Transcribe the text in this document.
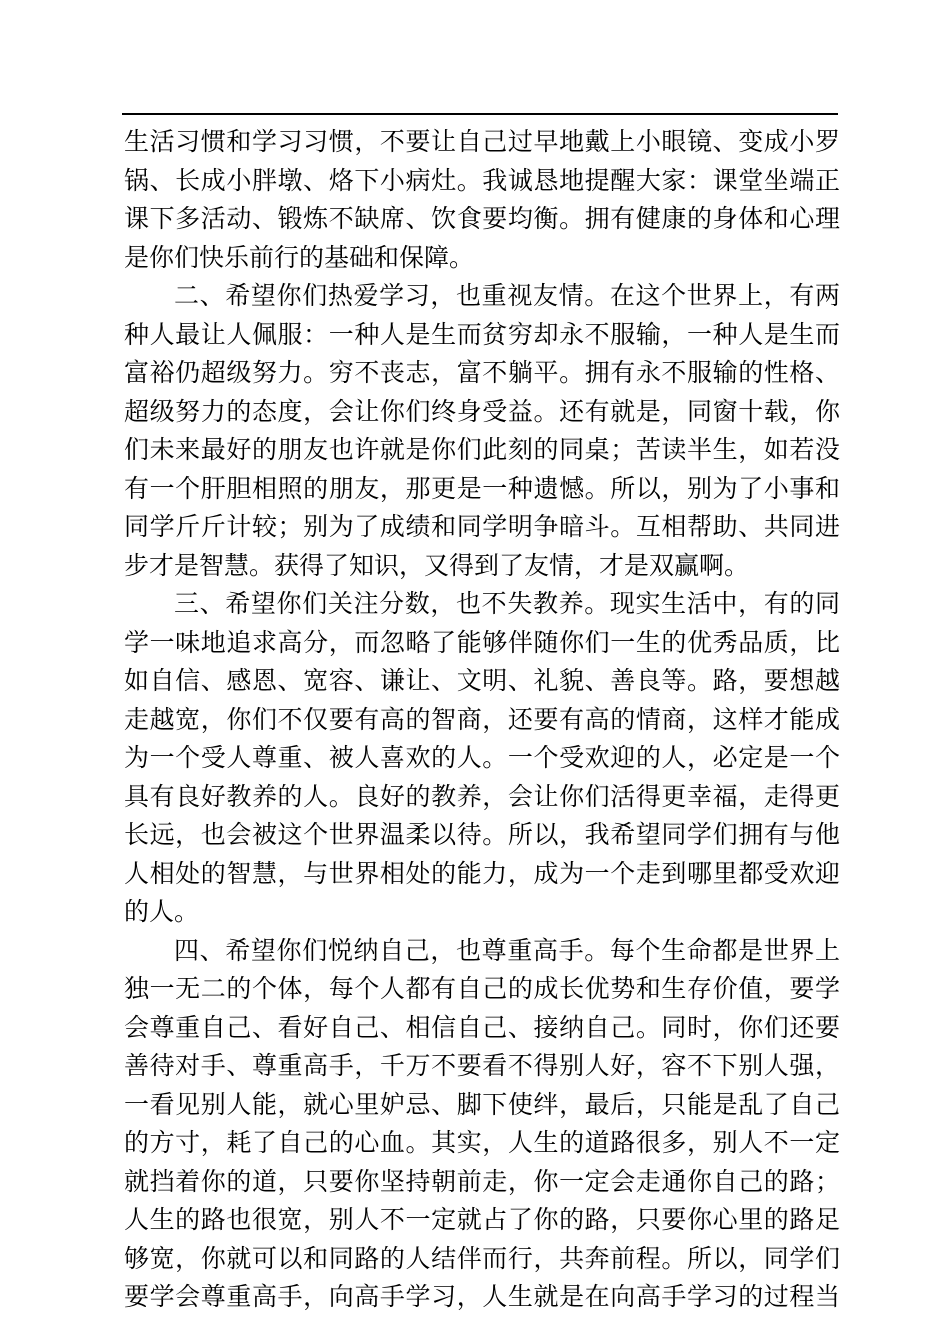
生活习惯和学习习惯，不要让自己过早地戴上小眼镜、变成小罗
锅、长成小胖墩、烙下小病灶。我诚恳地提醒大家：课堂坐端正
课下多活动、锻炼不缺席、饮食要均衡。拥有健康的身体和心理
是你们快乐前行的基础和保障。
二、希望你们热爱学习，也重视友情。在这个世界上，有两
种人最让人佩服：一种人是生而贫穷却永不服输，一种人是生而
富裕仍超级努力。穷不丧志，富不躺平。拥有永不服输的性格、
超级努力的态度，会让你们终身受益。还有就是，同窗十载，你
们未来最好的朋友也许就是你们此刻的同桌；苦读半生，如若没
有一个肝胆相照的朋友，那更是一种遗憾。所以，别为了小事和
同学斤斤计较；别为了成绩和同学明争暗斗。互相帮助、共同进
步才是智慧。获得了知识，又得到了友情，才是双赢啊。
三、希望你们关注分数，也不失教养。现实生活中，有的同
学一味地追求高分，而忽略了能够伴随你们一生的优秀品质，比
如自信、感恩、宽容、谦让、文明、礼貌、善良等。路，要想越
走越宽，你们不仅要有高的智商，还要有高的情商，这样才能成
为一个受人尊重、被人喜欢的人。一个受欢迎的人，必定是一个
具有良好教养的人。良好的教养，会让你们活得更幸福，走得更
长远，也会被这个世界温柔以待。所以，我希望同学们拥有与他
人相处的智慧，与世界相处的能力，成为一个走到哪里都受欢迎
的人。
四、希望你们悦纳自己，也尊重高手。每个生命都是世界上
独一无二的个体，每个人都有自己的成长优势和生存价值，要学
会尊重自己、看好自己、相信自己、接纳自己。同时，你们还要
善待对手、尊重高手，千万不要看不得别人好，容不下别人强，
一看见别人能，就心里妒忌、脚下使绊，最后，只能是乱了自己
的方寸，耗了自己的心血。其实，人生的道路很多，别人不一定
就挡着你的道，只要你坚持朝前走，你一定会走通你自己的路；
人生的路也很宽，别人不一定就占了你的路，只要你心里的路足
够宽，你就可以和同路的人结伴而行，共奔前程。所以，同学们
要学会尊重高手，向高手学习，人生就是在向高手学习的过程当
